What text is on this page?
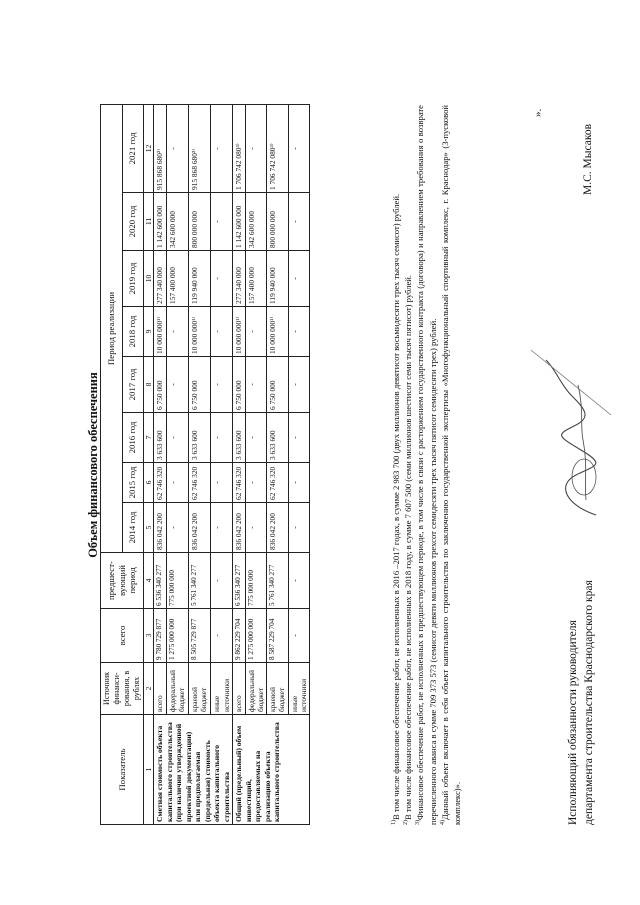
Объем финансового обеспечения
Показатель	Источник финанси-рования, в рублях	всего	предшест-вующий период	Период реализации							
				2014 год	2015 год	2016 год	2017 год	2018 год	2019 год	2020 год	2021 год
1	2	3	4	5	6	7	8	9	10	11	12
Сметная стоимость объекта капитального строительства (при наличии утвержденной проектной документации) или предполагаемая (предельная) стоимость объекта капитального строительства	всего	9 780 729 877	6 536 340 277	836 042 200	62 746 320	3 633 600	6 750 000	10 000 000¹⁾	277 340 000	1 142 600 000	915 868 680²⁾
	федеральный бюджет	1 275 000 000	775 000 000	-	-	-	-	-	157 400 000	342 600 000	-
	краевой бюджет	8 505 729 877	5 761 340 277	836 042 200	62 746 320	3 633 600	6 750 000	10 000 000¹⁾	119 940 000	800 000 000	915 868 680²⁾
	иные источники	-	-	-	-	-	-	-	-	-	-
Общий (предельный) объем инвестиций, предоставляемых на реализацию объекта капитального строительства	всего	9 862 229 704	6 536 340 277	836 042 200	62 746 320	3 633 600	6 750 000	10 000 000¹⁾	277 340 000	1 142 600 000	1 706 742 080³⁾
	федеральный бюджет	1 275 000 000	775 000 000	-	-	-	-	-	157 400 000	342 600 000	-
	краевой бюджет	8 587 229 704	5 761 340 277	836 042 200	62 746 320	3 633 600	6 750 000	10 000 000¹⁾	119 940 000	800 000 000	1 706 742 080³⁾
	иные источники	-	-	-	-	-	-	-	-	-	-

$^{1)}$В том числе финансовое обеспечение работ, не исполненных в 2016 –2017 годах, в сумме 2 983 700 (двух миллионов девятисот восьмидесяти трех тысяч семисот) рублей.

$^{2)}$В том числе финансовое обеспечение работ, не исполненных в 2018 году, в сумме 7 607 500 (семи миллионов шестисот семи тысяч пятисот) рублей.

$^{3)}$Финансовое обеспечение работ, не исполненных в предшествующем периоде, в том числе в связи с расторжением государственного контракта (договора) и направлением требования о возврате перечисленного аванса в сумме 709 373 573 (семисот девяти миллионов трехсот семидесяти трех тысяч пятисот семидесяти трех) рублей. $^{4)}$Данный объект включает в себя объект капитального строительства по заключению государственной экспертизы «Многофункциональный спортивный комплекс, г. Краснодар» (3-пусковой комплекс)».

».
Исполняющий обязанности руководителя департамента строительства Краснодарского края
М.С. Мысаков
